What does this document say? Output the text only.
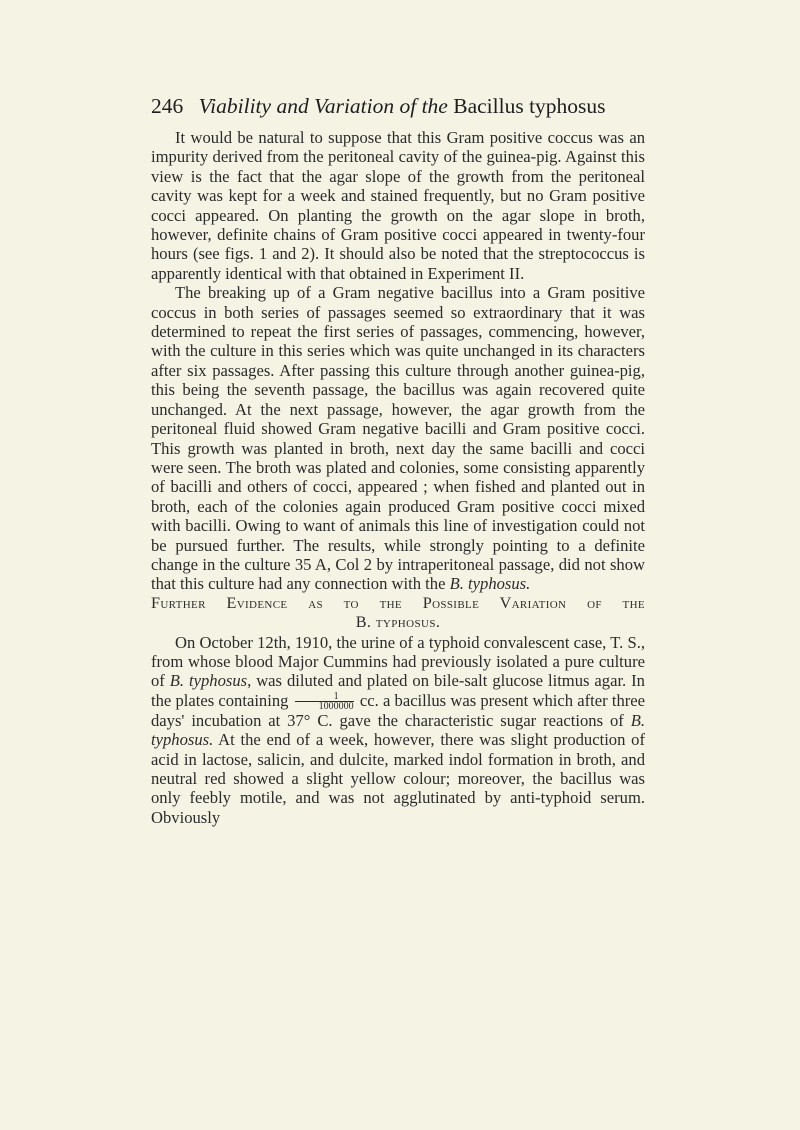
246 Viability and Variation of the Bacillus typhosus

It would be natural to suppose that this Gram positive coccus was an impurity derived from the peritoneal cavity of the guinea-pig. Against this view is the fact that the agar slope of the growth from the peritoneal cavity was kept for a week and stained frequently, but no Gram positive cocci appeared. On planting the growth on the agar slope in broth, however, definite chains of Gram positive cocci appeared in twenty-four hours (see figs. 1 and 2). It should also be noted that the streptococcus is apparently identical with that obtained in Experiment II.

The breaking up of a Gram negative bacillus into a Gram positive coccus in both series of passages seemed so extraordinary that it was determined to repeat the first series of passages, commencing, however, with the culture in this series which was quite unchanged in its characters after six passages. After passing this culture through another guinea-pig, this being the seventh passage, the bacillus was again recovered quite unchanged. At the next passage, however, the agar growth from the peritoneal fluid showed Gram negative bacilli and Gram positive cocci. This growth was planted in broth, next day the same bacilli and cocci were seen. The broth was plated and colonies, some consisting apparently of bacilli and others of cocci, appeared ; when fished and planted out in broth, each of the colonies again produced Gram positive cocci mixed with bacilli. Owing to want of animals this line of investigation could not be pursued further. The results, while strongly pointing to a definite change in the culture 35 A, Col 2 by intraperitoneal passage, did not show that this culture had any connection with the B. typhosus.

Further Evidence as to the Possible Variation of the
B. typhosus.

On October 12th, 1910, the urine of a typhoid convalescent case, T. S., from whose blood Major Cummins had previously isolated a pure culture of B. typhosus, was diluted and plated on bile-salt glucose litmus agar. In the plates containing $\frac{1}{1000000}$ cc. a bacillus was present which after three days' incubation at 37° C. gave the characteristic sugar reactions of B. typhosus. At the end of a week, however, there was slight production of acid in lactose, salicin, and dulcite, marked indol formation in broth, and neutral red showed a slight yellow colour; moreover, the bacillus was only feebly motile, and was not agglutinated by anti-typhoid serum. Obviously
